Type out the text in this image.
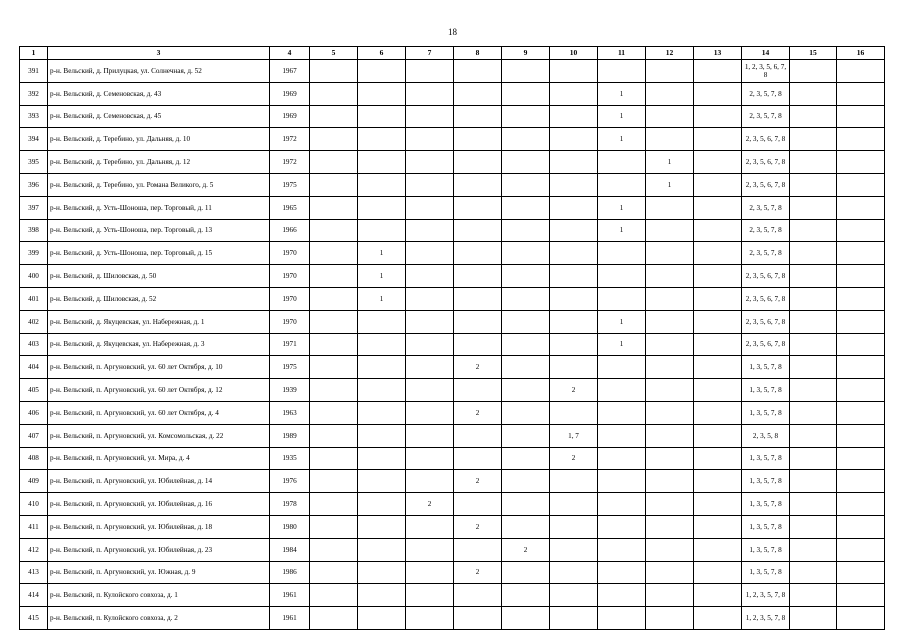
18
1	3	4	5	6	7	8	9	10	11	12	13	14	15	16
391	р-н. Вельский, д. Прилуцкая, ул. Солнечная, д. 52	1967										1, 2, 3, 5, 6, 7, 8		
392	р-н. Вельский, д. Семеновская, д. 43	1969							1			2, 3, 5, 7, 8		
393	р-н. Вельский, д. Семеновская, д. 45	1969							1			2, 3, 5, 7, 8		
394	р-н. Вельский, д. Теребино, ул. Дальняя, д. 10	1972							1			2, 3, 5, 6, 7, 8		
395	р-н. Вельский, д. Теребино, ул. Дальняя, д. 12	1972								1		2, 3, 5, 6, 7, 8		
396	р-н. Вельский, д. Теребино, ул. Романа Великого, д. 5	1975								1		2, 3, 5, 6, 7, 8		
397	р-н. Вельский, д. Усть-Шоноша, пер. Торговый, д. 11	1965							1			2, 3, 5, 7, 8		
398	р-н. Вельский, д. Усть-Шоноша, пер. Торговый, д. 13	1966							1			2, 3, 5, 7, 8		
399	р-н. Вельский, д. Усть-Шоноша, пер. Торговый, д. 15	1970		1								2, 3, 5, 7, 8		
400	р-н. Вельский, д. Шиловская, д. 50	1970		1								2, 3, 5, 6, 7, 8		
401	р-н. Вельский, д. Шиловская, д. 52	1970		1								2, 3, 5, 6, 7, 8		
402	р-н. Вельский, д. Якуцевская, ул. Набережная, д. 1	1970							1			2, 3, 5, 6, 7, 8		
403	р-н. Вельский, д. Якуцевская, ул. Набережная, д. 3	1971							1			2, 3, 5, 6, 7, 8		
404	р-н. Вельский, п. Аргуновский, ул. 60 лет Октября, д. 10	1975				2						1, 3, 5, 7, 8		
405	р-н. Вельский, п. Аргуновский, ул. 60 лет Октября, д. 12	1939						2				1, 3, 5, 7, 8		
406	р-н. Вельский, п. Аргуновский, ул. 60 лет Октября, д. 4	1963				2						1, 3, 5, 7, 8		
407	р-н. Вельский, п. Аргуновский, ул. Комсомольская, д. 22	1989						1, 7				2, 3, 5, 8		
408	р-н. Вельский, п. Аргуновский, ул. Мира, д. 4	1935						2				1, 3, 5, 7, 8		
409	р-н. Вельский, п. Аргуновский, ул. Юбилейная, д. 14	1976				2						1, 3, 5, 7, 8		
410	р-н. Вельский, п. Аргуновский, ул. Юбилейная, д. 16	1978			2							1, 3, 5, 7, 8		
411	р-н. Вельский, п. Аргуновский, ул. Юбилейная, д. 18	1980				2						1, 3, 5, 7, 8		
412	р-н. Вельский, п. Аргуновский, ул. Юбилейная, д. 23	1984					2					1, 3, 5, 7, 8		
413	р-н. Вельский, п. Аргуновский, ул. Южная, д. 9	1986				2						1, 3, 5, 7, 8		
414	р-н. Вельский, п. Кулойского совхоза, д. 1	1961										1, 2, 3, 5, 7, 8		
415	р-н. Вельский, п. Кулойского совхоза, д. 2	1961										1, 2, 3, 5, 7, 8		
